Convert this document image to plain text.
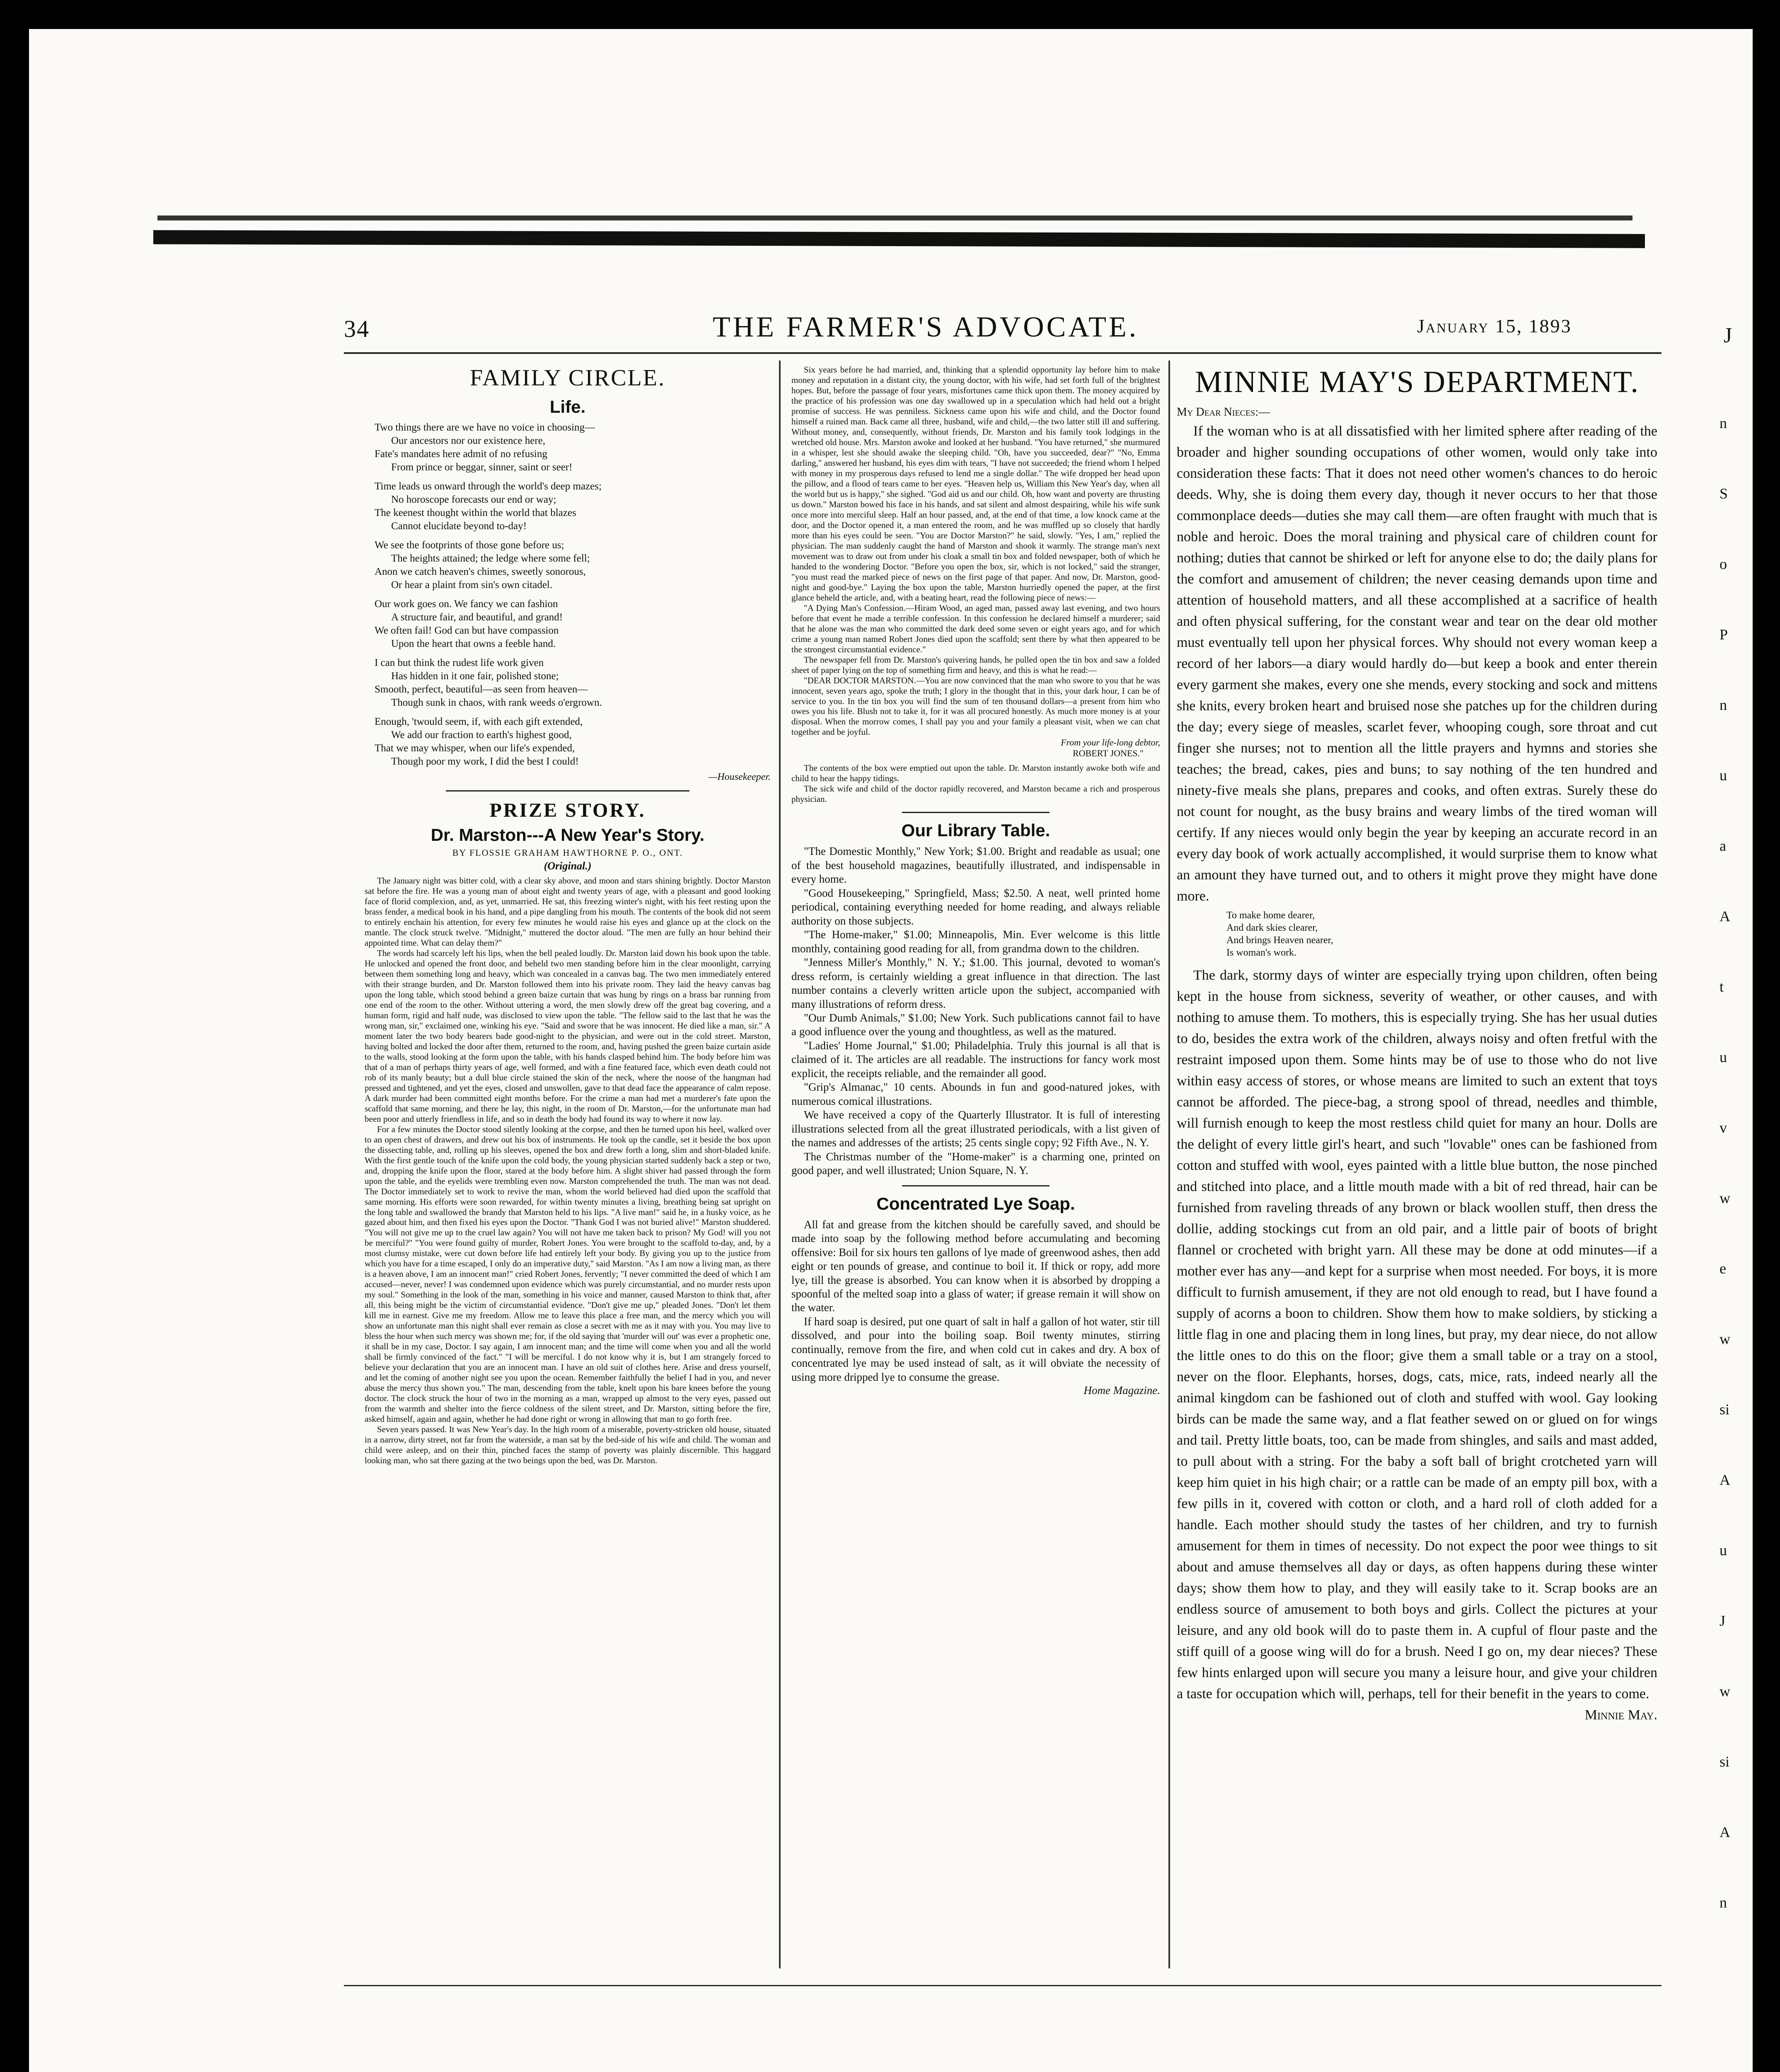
34	THE FARMER'S ADVOCATE.	January 15, 1893	J
FAMILY CIRCLE.
Life.
Two things there are we have no voice in choosing—
Our ancestors nor our existence here,
Fate's mandates here admit of no refusing
From prince or beggar, sinner, saint or seer!
Time leads us onward through the world's deep mazes;
No horoscope forecasts our end or way;
The keenest thought within the world that blazes
Cannot elucidate beyond to-day!
We see the footprints of those gone before us;
The heights attained; the ledge where some fell;
Anon we catch heaven's chimes, sweetly sonorous,
Or hear a plaint from sin's own citadel.
Our work goes on. We fancy we can fashion
A structure fair, and beautiful, and grand!
We often fail! God can but have compassion
Upon the heart that owns a feeble hand.
I can but think the rudest life work given
Has hidden in it one fair, polished stone;
Smooth, perfect, beautiful—as seen from heaven—
Though sunk in chaos, with rank weeds o'ergrown.
Enough, 'twould seem, if, with each gift extended,
We add our fraction to earth's highest good,
That we may whisper, when our life's expended,
Though poor my work, I did the best I could!
—Housekeeper.
PRIZE STORY.
Dr. Marston---A New Year's Story.
BY FLOSSIE GRAHAM HAWTHORNE P. O., ONT.
(Original.)

The January night was bitter cold, with a clear sky above, and moon and stars shining brightly. Doctor Marston sat before the fire. He was a young man of about eight and twenty years of age, with a pleasant and good looking face of florid complexion, and, as yet, unmarried. He sat, this freezing winter's night, with his feet resting upon the brass fender, a medical book in his hand, and a pipe dangling from his mouth. The contents of the book did not seem to entirely enchain his attention, for every few minutes he would raise his eyes and glance up at the clock on the mantle. The clock struck twelve. "Midnight," muttered the doctor aloud. "The men are fully an hour behind their appointed time. What can delay them?"

The words had scarcely left his lips, when the bell pealed loudly. Dr. Marston laid down his book upon the table. He unlocked and opened the front door, and beheld two men standing before him in the clear moonlight, carrying between them something long and heavy, which was concealed in a canvas bag. The two men immediately entered with their strange burden, and Dr. Marston followed them into his private room. They laid the heavy canvas bag upon the long table, which stood behind a green baize curtain that was hung by rings on a brass bar running from one end of the room to the other. Without uttering a word, the men slowly drew off the great bag covering, and a human form, rigid and half nude, was disclosed to view upon the table. "The fellow said to the last that he was the wrong man, sir," exclaimed one, winking his eye. "Said and swore that he was innocent. He died like a man, sir." A moment later the two body bearers bade good-night to the physician, and were out in the cold street. Marston, having bolted and locked the door after them, returned to the room, and, having pushed the green baize curtain aside to the walls, stood looking at the form upon the table, with his hands clasped behind him. The body before him was that of a man of perhaps thirty years of age, well formed, and with a fine featured face, which even death could not rob of its manly beauty; but a dull blue circle stained the skin of the neck, where the noose of the hangman had pressed and tightened, and yet the eyes, closed and unswollen, gave to that dead face the appearance of calm repose. A dark murder had been committed eight months before. For the crime a man had met a murderer's fate upon the scaffold that same morning, and there he lay, this night, in the room of Dr. Marston,—for the unfortunate man had been poor and utterly friendless in life, and so in death the body had found its way to where it now lay.

For a few minutes the Doctor stood silently looking at the corpse, and then he turned upon his heel, walked over to an open chest of drawers, and drew out his box of instruments. He took up the candle, set it beside the box upon the dissecting table, and, rolling up his sleeves, opened the box and drew forth a long, slim and short-bladed knife. With the first gentle touch of the knife upon the cold body, the young physician started suddenly back a step or two, and, dropping the knife upon the floor, stared at the body before him. A slight shiver had passed through the form upon the table, and the eyelids were trembling even now. Marston comprehended the truth. The man was not dead. The Doctor immediately set to work to revive the man, whom the world believed had died upon the scaffold that same morning. His efforts were soon rewarded, for within twenty minutes a living, breathing being sat upright on the long table and swallowed the brandy that Marston held to his lips. "A live man!" said he, in a husky voice, as he gazed about him, and then fixed his eyes upon the Doctor. "Thank God I was not buried alive!" Marston shuddered. "You will not give me up to the cruel law again? You will not have me taken back to prison? My God! will you not be merciful?" "You were found guilty of murder, Robert Jones. You were brought to the scaffold to-day, and, by a most clumsy mistake, were cut down before life had entirely left your body. By giving you up to the justice from which you have for a time escaped, I only do an imperative duty," said Marston. "As I am now a living man, as there is a heaven above, I am an innocent man!" cried Robert Jones, fervently; "I never committed the deed of which I am accused—never, never! I was condemned upon evidence which was purely circumstantial, and no murder rests upon my soul." Something in the look of the man, something in his voice and manner, caused Marston to think that, after all, this being might be the victim of circumstantial evidence. "Don't give me up," pleaded Jones. "Don't let them kill me in earnest. Give me my freedom. Allow me to leave this place a free man, and the mercy which you will show an unfortunate man this night shall ever remain as close a secret with me as it may with you. You may live to bless the hour when such mercy was shown me; for, if the old saying that 'murder will out' was ever a prophetic one, it shall be in my case, Doctor. I say again, I am innocent man; and the time will come when you and all the world shall be firmly convinced of the fact." "I will be merciful. I do not know why it is, but I am strangely forced to believe your declaration that you are an innocent man. I have an old suit of clothes here. Arise and dress yourself, and let the coming of another night see you upon the ocean. Remember faithfully the belief I had in you, and never abuse the mercy thus shown you." The man, descending from the table, knelt upon his bare knees before the young doctor. The clock struck the hour of two in the morning as a man, wrapped up almost to the very eyes, passed out from the warmth and shelter into the fierce coldness of the silent street, and Dr. Marston, sitting before the fire, asked himself, again and again, whether he had done right or wrong in allowing that man to go forth free.

Seven years passed. It was New Year's day. In the high room of a miserable, poverty-stricken old house, situated in a narrow, dirty street, not far from the waterside, a man sat by the bed-side of his wife and child. The woman and child were asleep, and on their thin, pinched faces the stamp of poverty was plainly discernible. This haggard looking man, who sat there gazing at the two beings upon the bed, was Dr. Marston.

Six years before he had married, and, thinking that a splendid opportunity lay before him to make money and reputation in a distant city, the young doctor, with his wife, had set forth full of the brightest hopes. But, before the passage of four years, misfortunes came thick upon them. The money acquired by the practice of his profession was one day swallowed up in a speculation which had held out a bright promise of success. He was penniless. Sickness came upon his wife and child, and the Doctor found himself a ruined man. Back came all three, husband, wife and child,—the two latter still ill and suffering. Without money, and, consequently, without friends, Dr. Marston and his family took lodgings in the wretched old house. Mrs. Marston awoke and looked at her husband. "You have returned," she murmured in a whisper, lest she should awake the sleeping child. "Oh, have you succeeded, dear?" "No, Emma darling," answered her husband, his eyes dim with tears, "I have not succeeded; the friend whom I helped with money in my prosperous days refused to lend me a single dollar." The wife dropped her head upon the pillow, and a flood of tears came to her eyes. "Heaven help us, William this New Year's day, when all the world but us is happy," she sighed. "God aid us and our child. Oh, how want and poverty are thrusting us down." Marston bowed his face in his hands, and sat silent and almost despairing, while his wife sunk once more into merciful sleep. Half an hour passed, and, at the end of that time, a low knock came at the door, and the Doctor opened it, a man entered the room, and he was muffled up so closely that hardly more than his eyes could be seen. "You are Doctor Marston?" he said, slowly. "Yes, I am," replied the physician. The man suddenly caught the hand of Marston and shook it warmly. The strange man's next movement was to draw out from under his cloak a small tin box and folded newspaper, both of which he handed to the wondering Doctor. "Before you open the box, sir, which is not locked," said the stranger, "you must read the marked piece of news on the first page of that paper. And now, Dr. Marston, good-night and good-bye." Laying the box upon the table, Marston hurriedly opened the paper, at the first glance beheld the article, and, with a beating heart, read the following piece of news:—

"A Dying Man's Confession.—Hiram Wood, an aged man, passed away last evening, and two hours before that event he made a terrible confession. In this confession he declared himself a murderer; said that he alone was the man who committed the dark deed some seven or eight years ago, and for which crime a young man named Robert Jones died upon the scaffold; sent there by what then appeared to be the strongest circumstantial evidence."

The newspaper fell from Dr. Marston's quivering hands, he pulled open the tin box and saw a folded sheet of paper lying on the top of something firm and heavy, and this is what he read:—

"DEAR DOCTOR MARSTON.—You are now convinced that the man who swore to you that he was innocent, seven years ago, spoke the truth; I glory in the thought that in this, your dark hour, I can be of service to you. In the tin box you will find the sum of ten thousand dollars—a present from him who owes you his life. Blush not to take it, for it was all procured honestly. As much more money is at your disposal. When the morrow comes, I shall pay you and your family a pleasant visit, when we can chat together and be joyful.

From your life-long debtor,
ROBERT JONES."

The contents of the box were emptied out upon the table. Dr. Marston instantly awoke both wife and child to hear the happy tidings.

The sick wife and child of the doctor rapidly recovered, and Marston became a rich and prosperous physician.

Our Library Table.

"The Domestic Monthly," New York; $1.00. Bright and readable as usual; one of the best household magazines, beautifully illustrated, and indispensable in every home.

"Good Housekeeping," Springfield, Mass; $2.50. A neat, well printed home periodical, containing everything needed for home reading, and always reliable authority on those subjects.

"The Home-maker," $1.00; Minneapolis, Min. Ever welcome is this little monthly, containing good reading for all, from grandma down to the children.

"Jenness Miller's Monthly," N. Y.; $1.00. This journal, devoted to woman's dress reform, is certainly wielding a great influence in that direction. The last number contains a cleverly written article upon the subject, accompanied with many illustrations of reform dress.

"Our Dumb Animals," $1.00; New York. Such publications cannot fail to have a good influence over the young and thoughtless, as well as the matured.

"Ladies' Home Journal," $1.00; Philadelphia. Truly this journal is all that is claimed of it. The articles are all readable. The instructions for fancy work most explicit, the receipts reliable, and the remainder all good.

"Grip's Almanac," 10 cents. Abounds in fun and good-natured jokes, with numerous comical illustrations.

We have received a copy of the Quarterly Illustrator. It is full of interesting illustrations selected from all the great illustrated periodicals, with a list given of the names and addresses of the artists; 25 cents single copy; 92 Fifth Ave., N. Y.

The Christmas number of the "Home-maker" is a charming one, printed on good paper, and well illustrated; Union Square, N. Y.

Concentrated Lye Soap.

All fat and grease from the kitchen should be carefully saved, and should be made into soap by the following method before accumulating and becoming offensive: Boil for six hours ten gallons of lye made of greenwood ashes, then add eight or ten pounds of grease, and continue to boil it. If thick or ropy, add more lye, till the grease is absorbed. You can know when it is absorbed by dropping a spoonful of the melted soap into a glass of water; if grease remain it will show on the water.

If hard soap is desired, put one quart of salt in half a gallon of hot water, stir till dissolved, and pour into the boiling soap. Boil twenty minutes, stirring continually, remove from the fire, and when cold cut in cakes and dry. A box of concentrated lye may be used instead of salt, as it will obviate the necessity of using more dripped lye to consume the grease.

Home Magazine.
MINNIE MAY'S DEPARTMENT.
My Dear Nieces:—

If the woman who is at all dissatisfied with her limited sphere after reading of the broader and higher sounding occupations of other women, would only take into consideration these facts: That it does not need other women's chances to do heroic deeds. Why, she is doing them every day, though it never occurs to her that those commonplace deeds—duties she may call them—are often fraught with much that is noble and heroic. Does the moral training and physical care of children count for nothing; duties that cannot be shirked or left for anyone else to do; the daily plans for the comfort and amusement of children; the never ceasing demands upon time and attention of household matters, and all these accomplished at a sacrifice of health and often physical suffering, for the constant wear and tear on the dear old mother must eventually tell upon her physical forces. Why should not every woman keep a record of her labors—a diary would hardly do—but keep a book and enter therein every garment she makes, every one she mends, every stocking and sock and mittens she knits, every broken heart and bruised nose she patches up for the children during the day; every siege of measles, scarlet fever, whooping cough, sore throat and cut finger she nurses; not to mention all the little prayers and hymns and stories she teaches; the bread, cakes, pies and buns; to say nothing of the ten hundred and ninety-five meals she plans, prepares and cooks, and often extras. Surely these do not count for nought, as the busy brains and weary limbs of the tired woman will certify. If any nieces would only begin the year by keeping an accurate record in an every day book of work actually accomplished, it would surprise them to know what an amount they have turned out, and to others it might prove they might have done more.

To make home dearer,
And dark skies clearer,
And brings Heaven nearer,
Is woman's work.

The dark, stormy days of winter are especially trying upon children, often being kept in the house from sickness, severity of weather, or other causes, and with nothing to amuse them. To mothers, this is especially trying. She has her usual duties to do, besides the extra work of the children, always noisy and often fretful with the restraint imposed upon them. Some hints may be of use to those who do not live within easy access of stores, or whose means are limited to such an extent that toys cannot be afforded. The piece-bag, a strong spool of thread, needles and thimble, will furnish enough to keep the most restless child quiet for many an hour. Dolls are the delight of every little girl's heart, and such "lovable" ones can be fashioned from cotton and stuffed with wool, eyes painted with a little blue button, the nose pinched and stitched into place, and a little mouth made with a bit of red thread, hair can be furnished from raveling threads of any brown or black woollen stuff, then dress the dollie, adding stockings cut from an old pair, and a little pair of boots of bright flannel or crocheted with bright yarn. All these may be done at odd minutes—if a mother ever has any—and kept for a surprise when most needed. For boys, it is more difficult to furnish amusement, if they are not old enough to read, but I have found a supply of acorns a boon to children. Show them how to make soldiers, by sticking a little flag in one and placing them in long lines, but pray, my dear niece, do not allow the little ones to do this on the floor; give them a small table or a tray on a stool, never on the floor. Elephants, horses, dogs, cats, mice, rats, indeed nearly all the animal kingdom can be fashioned out of cloth and stuffed with wool. Gay looking birds can be made the same way, and a flat feather sewed on or glued on for wings and tail. Pretty little boats, too, can be made from shingles, and sails and mast added, to pull about with a string. For the baby a soft ball of bright crotcheted yarn will keep him quiet in his high chair; or a rattle can be made of an empty pill box, with a few pills in it, covered with cotton or cloth, and a hard roll of cloth added for a handle. Each mother should study the tastes of her children, and try to furnish amusement for them in times of necessity. Do not expect the poor wee things to sit about and amuse themselves all day or days, as often happens during these winter days; show them how to play, and they will easily take to it. Scrap books are an endless source of amusement to both boys and girls. Collect the pictures at your leisure, and any old book will do to paste them in. A cupful of flour paste and the stiff quill of a goose wing will do for a brush. Need I go on, my dear nieces? These few hints enlarged upon will secure you many a leisure hour, and give your children a taste for occupation which will, perhaps, tell for their benefit in the years to come.

Minnie May.
n
S
o
P
n
u
a
A
t
u
v
w
e
w
si
A
u
J
w
si
A
n
